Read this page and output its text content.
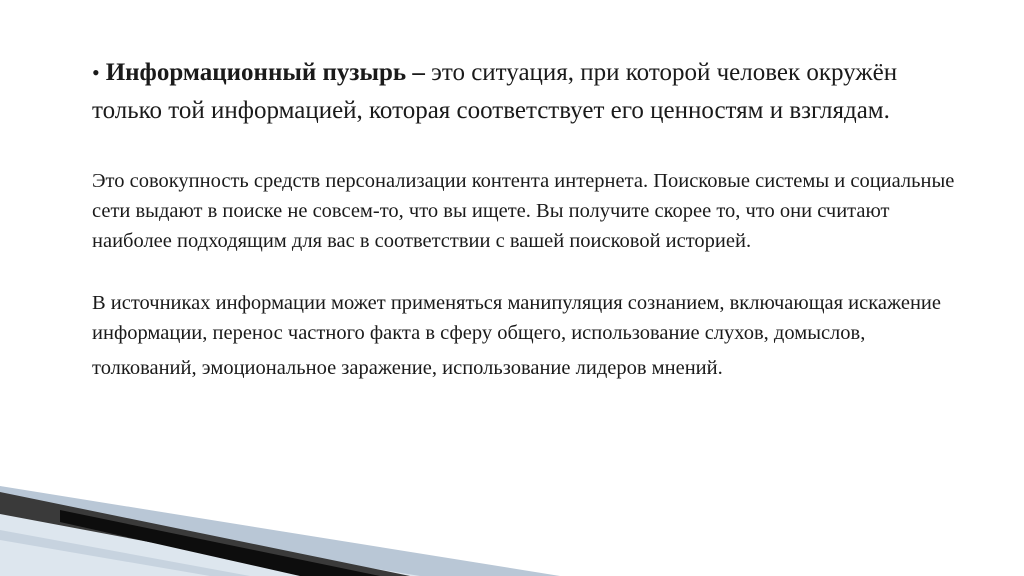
• Информационный пузырь – это ситуация, при которой человек окружён только той информацией, которая соответствует его ценностям и взглядам.

Это совокупность средств персонализации контента интернета. Поисковые системы и социальные сети выдают в поиске не совсем-то, что вы ищете. Вы получите скорее то, что они считают наиболее подходящим для вас в соответствии с вашей поисковой историей.

В источниках информации может применяться манипуляция сознанием, включающая искажение информации, перенос частного факта в сферу общего, использование слухов, домыслов, толкований, эмоциональное заражение, использование лидеров мнений.
